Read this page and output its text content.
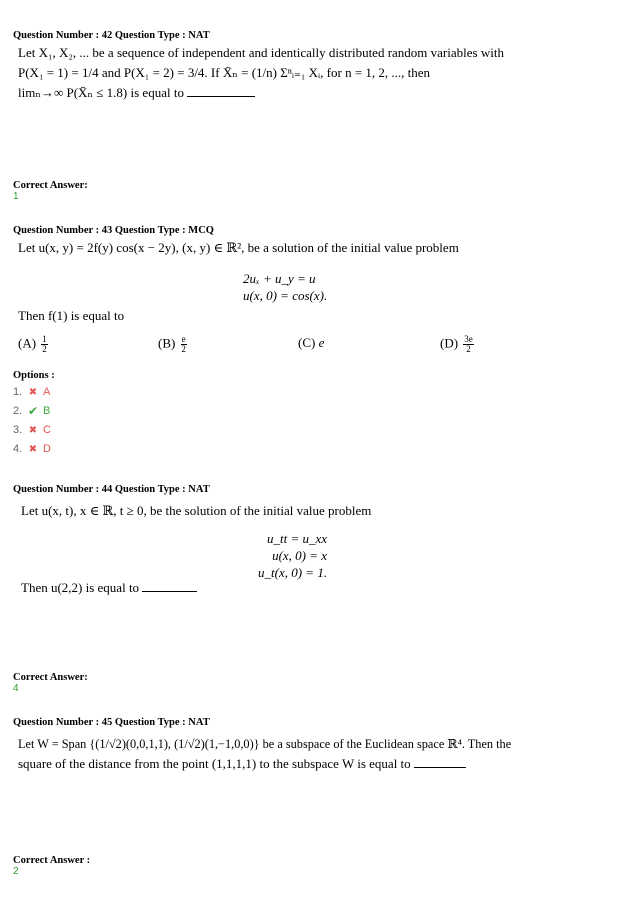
Question Number : 42 Question Type : NAT
Let X₁, X₂, ... be a sequence of independent and identically distributed random variables with
P(X₁ = 1) = 1/4 and P(X₁ = 2) = 3/4. If X̄ₙ = (1/n) Σⁿᵢ₌₁ Xᵢ, for n = 1, 2, ..., then
limₙ→∞ P(X̄ₙ ≤ 1.8) is equal to
Correct Answer:
1
Question Number : 43 Question Type : MCQ
Let u(x, y) = 2f(y) cos(x − 2y), (x, y) ∈ ℝ², be a solution of the initial value problem
2uₓ + u_y = u
u(x, 0) = cos(x).
Then f(1) is equal to
$(A) \frac{1}{2}$	$(B) \frac{e}{2}$	(C) e	$(D) \frac{3e}{2}$
Options :
1. ✖ A
2. ✔ B
3. ✖ C
4. ✖ D
Question Number : 44 Question Type : NAT
Let u(x, t), x ∈ ℝ, t ≥ 0, be the solution of the initial value problem
u_tt = u_xx
u(x, 0) = x
u_t(x, 0) = 1.
Then u(2,2) is equal to
Correct Answer:
4
Question Number : 45 Question Type : NAT
Let W = Span {(1/√2)(0,0,1,1), (1/√2)(1,−1,0,0)} be a subspace of the Euclidean space ℝ⁴. Then the
square of the distance from the point (1,1,1,1) to the subspace W is equal to
Correct Answer :
2
